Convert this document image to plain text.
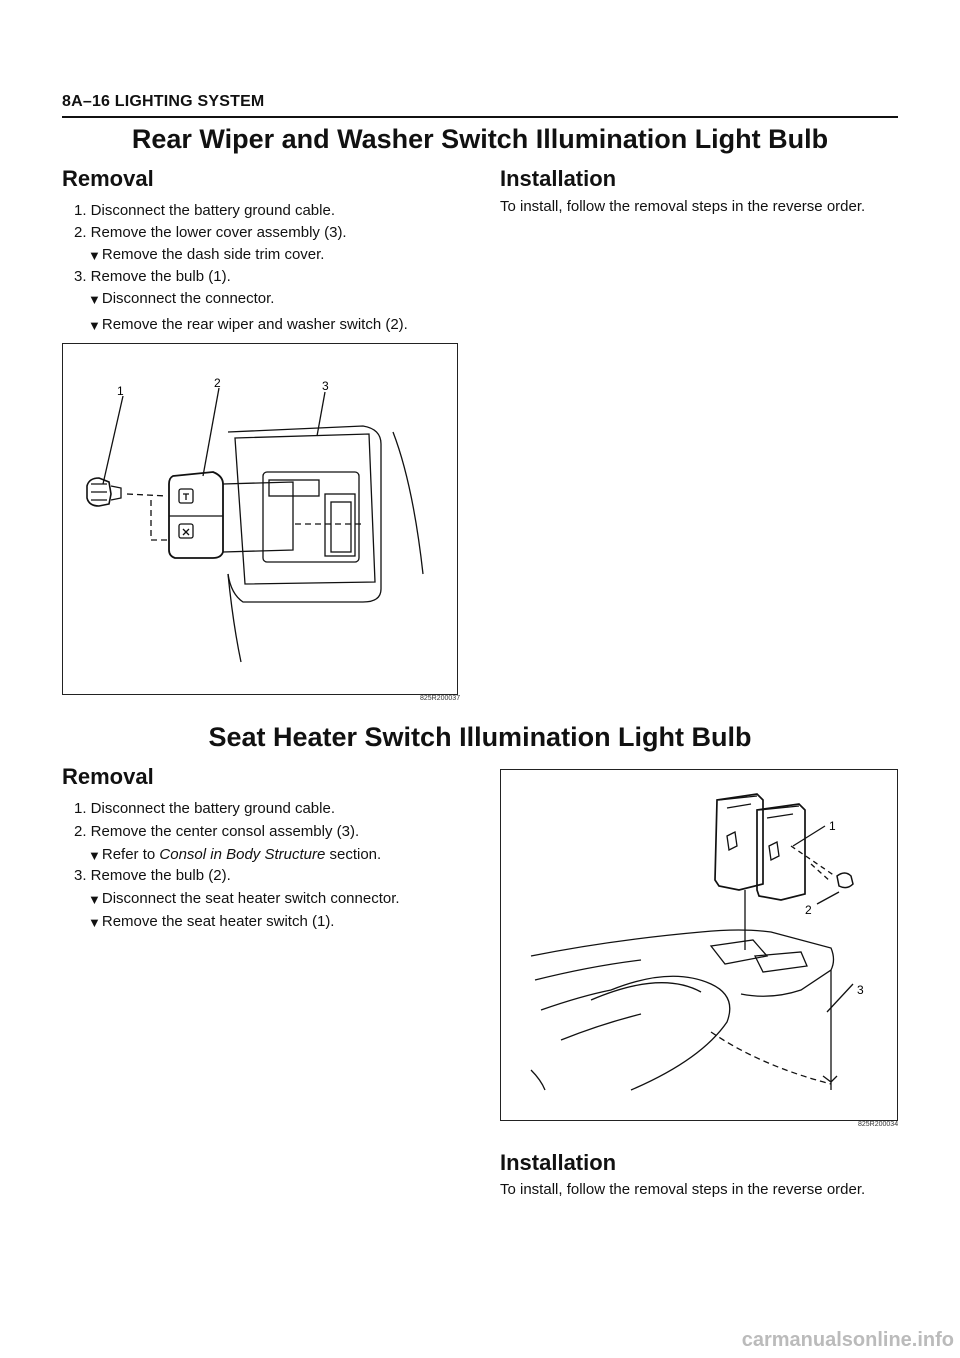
8A–16 LIGHTING SYSTEM
Rear Wiper and Washer Switch Illumination Light Bulb
Removal
1. Disconnect the battery ground cable.
2. Remove the lower cover assembly (3).
▼Remove the dash side trim cover.
3. Remove the bulb (1).
▼Disconnect the connector.
▼Remove the rear wiper and washer switch (2).
Installation
To install, follow the removal steps in the reverse order.
1
2	3
825R200037
Seat Heater Switch Illumination Light Bulb
Removal
1. Disconnect the battery ground cable.
2. Remove the center consol assembly (3).
▼Refer to Consol in Body Structure section.
3. Remove the bulb (2).
▼Disconnect the seat heater switch connector.
▼Remove the seat heater switch (1).
1
2
3
825R200034
Installation
To install, follow the removal steps in the reverse order.
carmanualsonline.info
